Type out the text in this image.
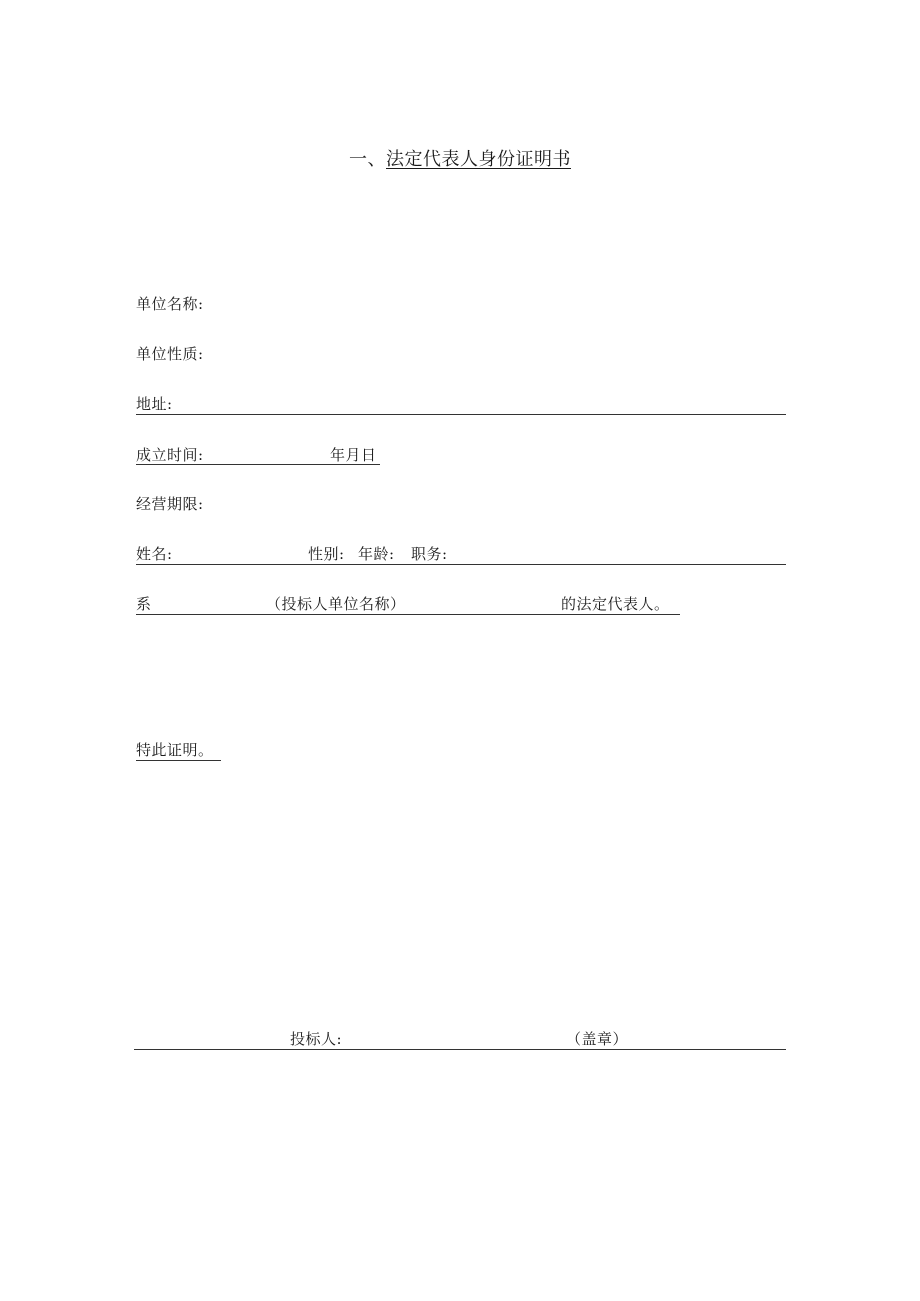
一、法定代表人身份证明书
单位名称:
单位性质:
地址:
成立时间:	年月日
经营期限:
姓名:	性别: 年龄: 职务:
系	（投标人单位名称）	的法定代表人。
特此证明。
投标人:	（盖章）
